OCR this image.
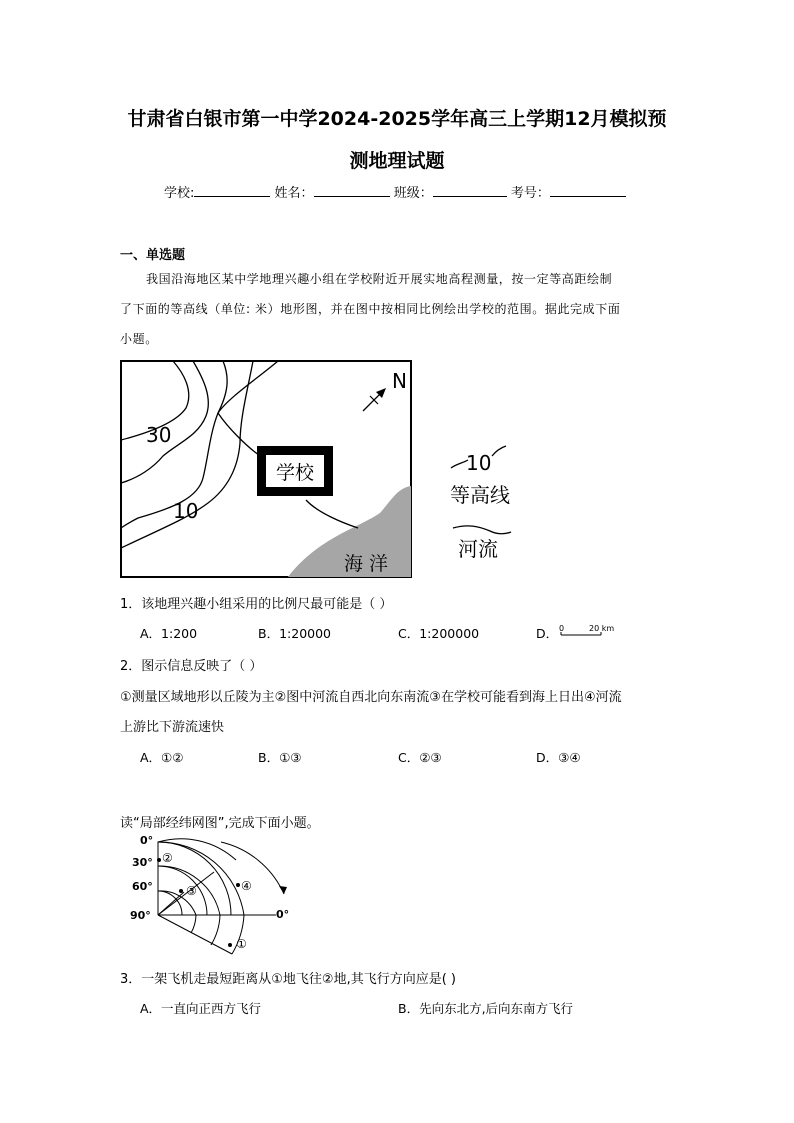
甘肃省白银市第一中学2024-2025学年高三上学期12月模拟预
测地理试题
学校:	姓名：	班级：	考号：
一、单选题
我国沿海地区某中学地理兴趣小组在学校附近开展实地高程测量，按一定等高距绘制
了下面的等高线（单位: 米）地形图，并在图中按相同比例绘出学校的范围。据此完成下面
小题。
学校
30
10
海 洋
N
10
等高线
河流
1．该地理兴趣小组采用的比例尺最可能是（ ）
A．1:200	B．1:20000	C．1:200000	D． 0	20 km
2．图示信息反映了（ ）
①测量区域地形以丘陵为主②图中河流自西北向东南流③在学校可能看到海上日出④河流
上游比下游流速快
A．①②	B．①③	C．②③	D．③④
读“局部经纬网图”,完成下面小题。
0°
30°
60°
90°	0°
②
③	④
①
3．一架飞机走最短距离从①地飞往②地,其飞行方向应是( )
A．一直向正西方飞行	B．先向东北方,后向东南方飞行
